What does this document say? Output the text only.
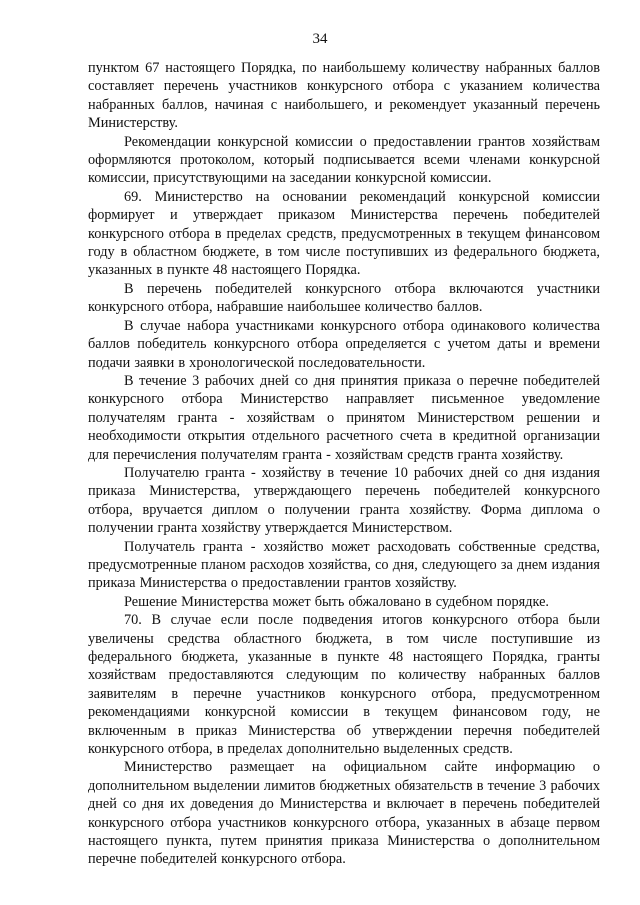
34

пунктом 67 настоящего Порядка, по наибольшему количеству набранных баллов составляет перечень участников конкурсного отбора с указанием количества набранных баллов, начиная с наибольшего, и рекомендует указанный перечень Министерству.

Рекомендации конкурсной комиссии о предоставлении грантов хозяйствам оформляются протоколом, который подписывается всеми членами конкурсной комиссии, присутствующими на заседании конкурсной комиссии.

69. Министерство на основании рекомендаций конкурсной комиссии формирует и утверждает приказом Министерства перечень победителей конкурсного отбора в пределах средств, предусмотренных в текущем финансовом году в областном бюджете, в том числе поступивших из федерального бюджета, указанных в пункте 48 настоящего Порядка.

В перечень победителей конкурсного отбора включаются участники конкурсного отбора, набравшие наибольшее количество баллов.

В случае набора участниками конкурсного отбора одинакового количества баллов победитель конкурсного отбора определяется с учетом даты и времени подачи заявки в хронологической последовательности.

В течение 3 рабочих дней со дня принятия приказа о перечне победителей конкурсного отбора Министерство направляет письменное уведомление получателям гранта - хозяйствам о принятом Министерством решении и необходимости открытия отдельного расчетного счета в кредитной организации для перечисления получателям гранта - хозяйствам средств гранта хозяйству.

Получателю гранта - хозяйству в течение 10 рабочих дней со дня издания приказа Министерства, утверждающего перечень победителей конкурсного отбора, вручается диплом о получении гранта хозяйству. Форма диплома о получении гранта хозяйству утверждается Министерством.

Получатель гранта - хозяйство может расходовать собственные средства, предусмотренные планом расходов хозяйства, со дня, следующего за днем издания приказа Министерства о предоставлении грантов хозяйству.

Решение Министерства может быть обжаловано в судебном порядке.

70. В случае если после подведения итогов конкурсного отбора были увеличены средства областного бюджета, в том числе поступившие из федерального бюджета, указанные в пункте 48 настоящего Порядка, гранты хозяйствам предоставляются следующим по количеству набранных баллов заявителям в перечне участников конкурсного отбора, предусмотренном рекомендациями конкурсной комиссии в текущем финансовом году, не включенным в приказ Министерства об утверждении перечня победителей конкурсного отбора, в пределах дополнительно выделенных средств.

Министерство размещает на официальном сайте информацию о дополнительном выделении лимитов бюджетных обязательств в течение 3 рабочих дней со дня их доведения до Министерства и включает в перечень победителей конкурсного отбора участников конкурсного отбора, указанных в абзаце первом настоящего пункта, путем принятия приказа Министерства о дополнительном перечне победителей конкурсного отбора.
